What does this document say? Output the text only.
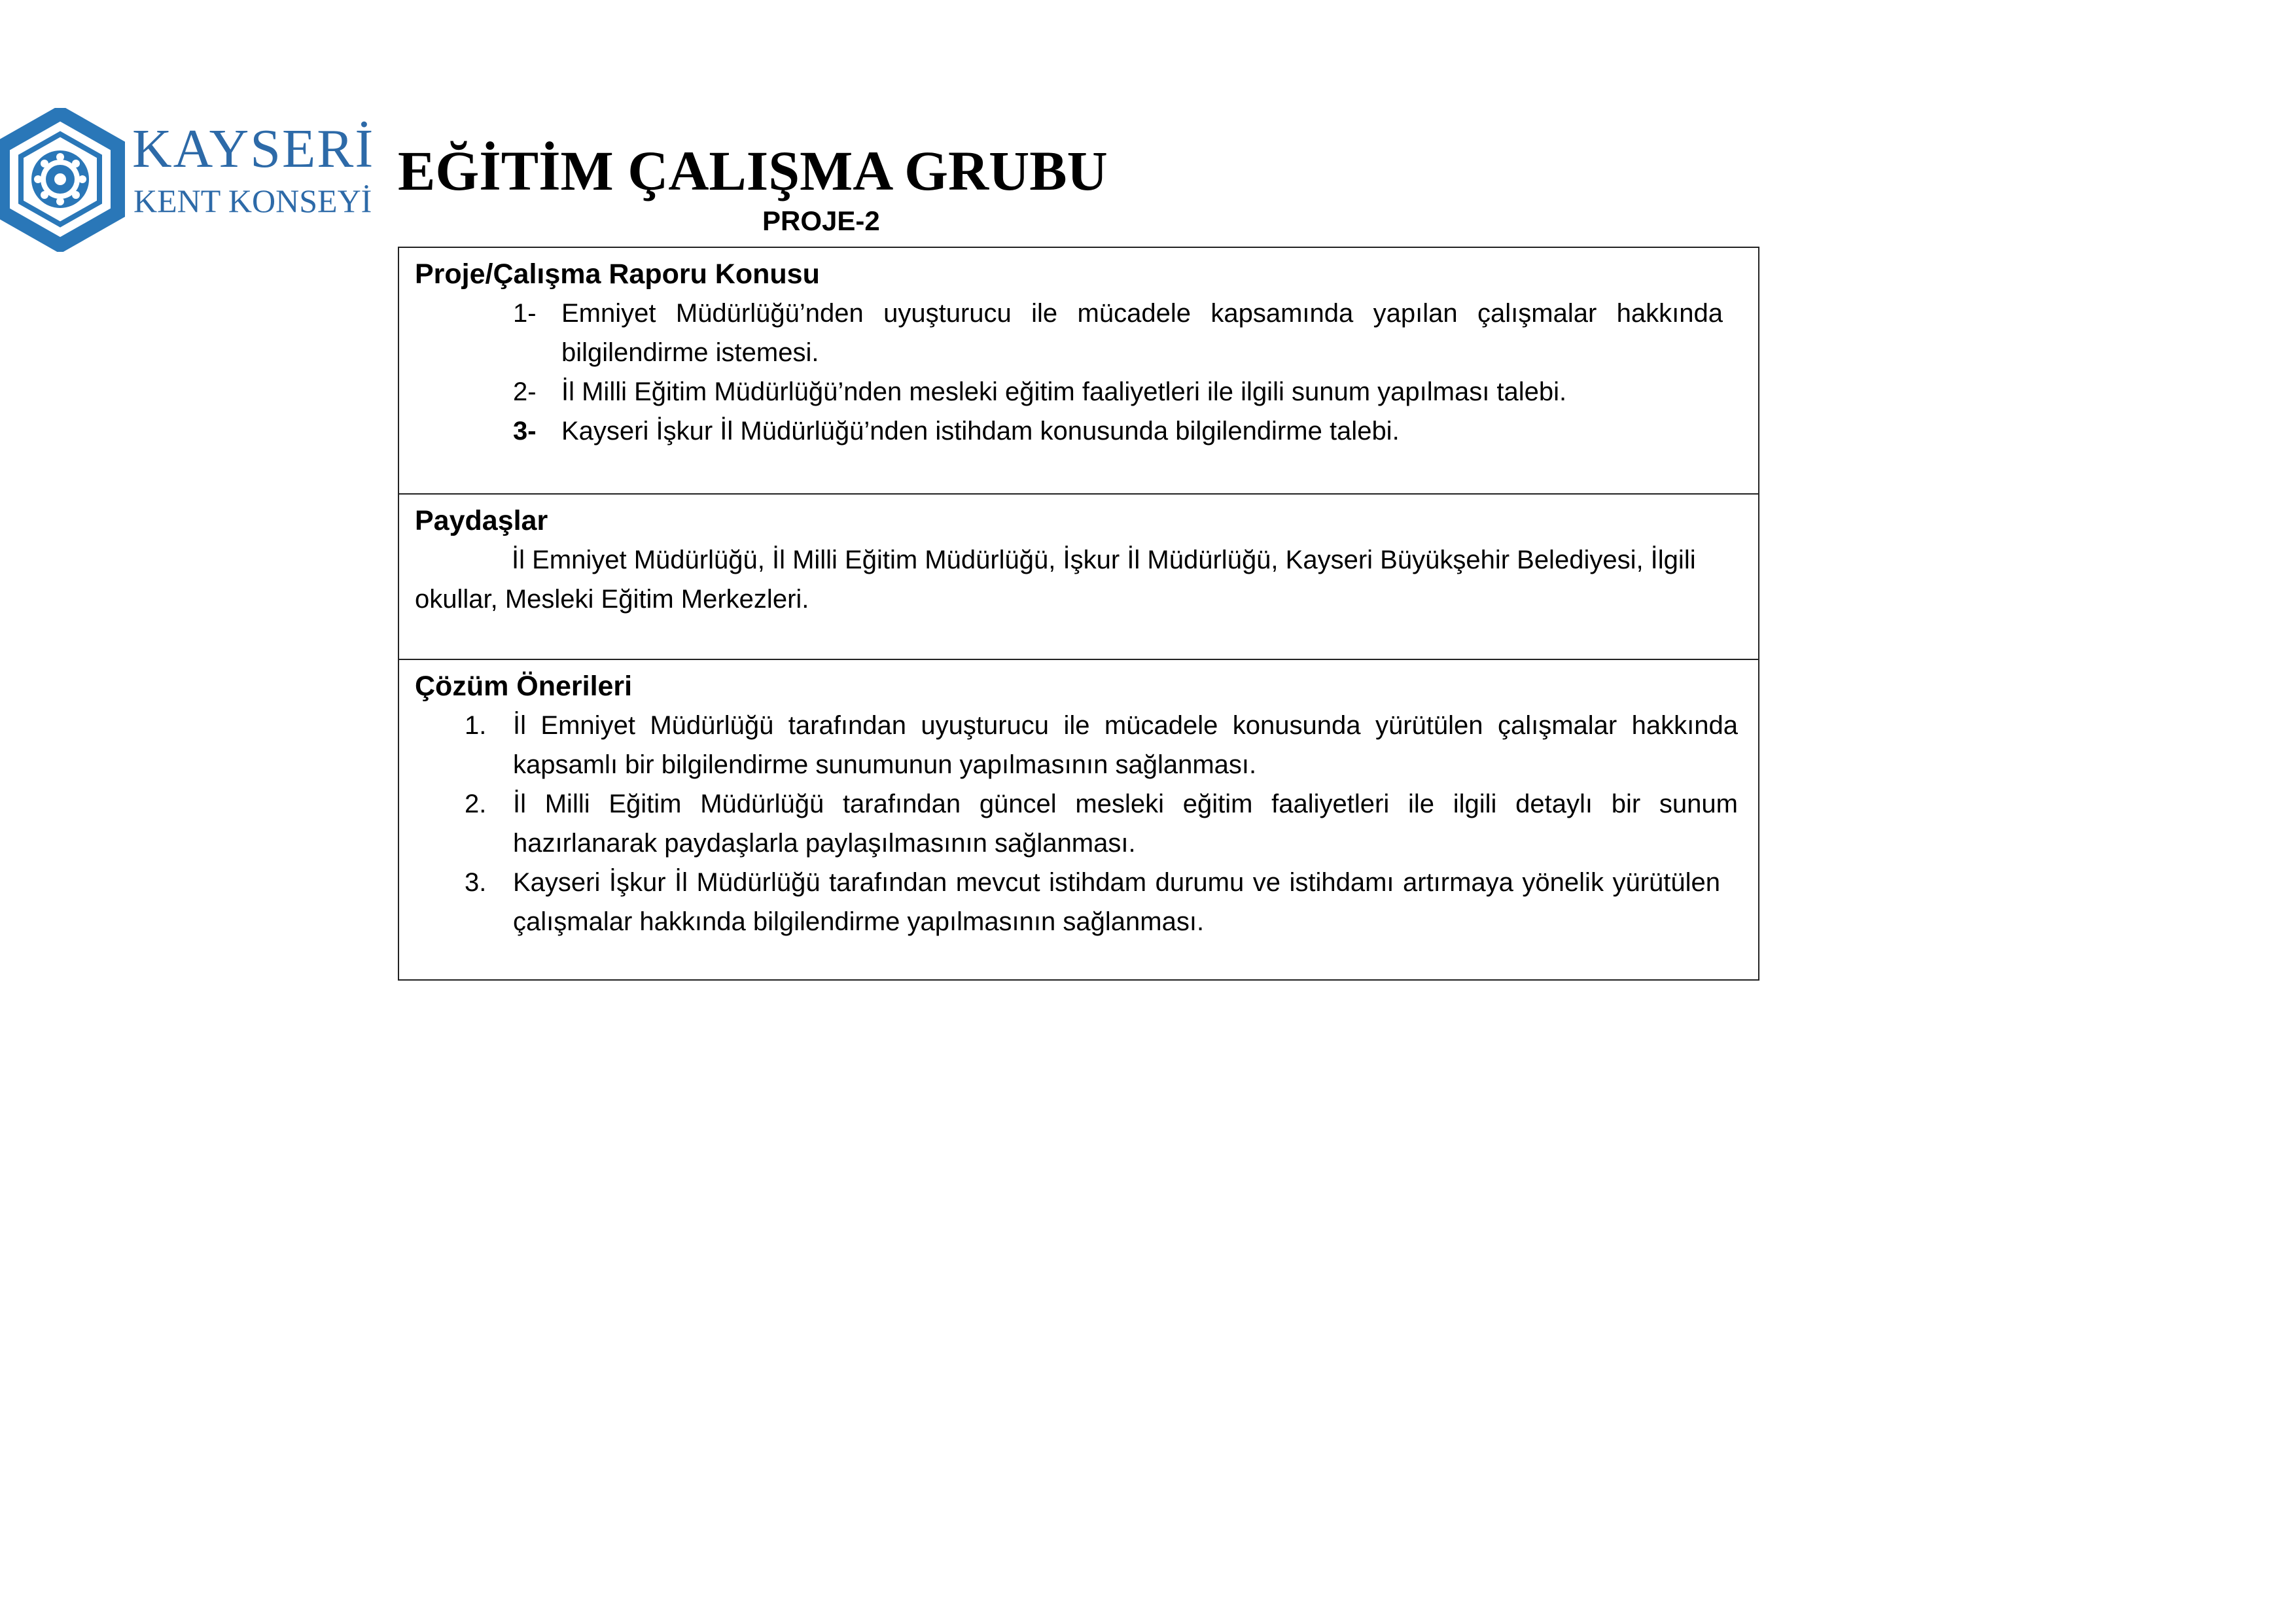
KAYSERİ
KENT KONSEYİ EĞİTİM ÇALIŞMA GRUBU
PROJE-2

Proje/Çalışma Raporu Konusu

1- Emniyet Müdürlüğü’nden uyuşturucu ile mücadele kapsamında yapılan çalışmalar hakkında bilgilendirme istemesi.
2- İl Milli Eğitim Müdürlüğü’nden mesleki eğitim faaliyetleri ile ilgili sunum yapılması talebi.
3- Kayseri İşkur İl Müdürlüğü’nden istihdam konusunda bilgilendirme talebi.

Paydaşlar

İl Emniyet Müdürlüğü, İl Milli Eğitim Müdürlüğü, İşkur İl Müdürlüğü, Kayseri Büyükşehir Belediyesi, İlgili okullar, Mesleki Eğitim Merkezleri.

Çözüm Önerileri

1.	İl Emniyet Müdürlüğü tarafından uyuşturucu ile mücadele konusunda yürütülen çalışmalar hakkında kapsamlı bir bilgilendirme sunumunun yapılmasının sağlanması.
2.	İl Milli Eğitim Müdürlüğü tarafından güncel mesleki eğitim faaliyetleri ile ilgili detaylı bir sunum hazırlanarak paydaşlarla paylaşılmasının sağlanması.
3.	Kayseri İşkur İl Müdürlüğü tarafından mevcut istihdam durumu ve istihdamı artırmaya yönelik yürütülen çalışmalar hakkında bilgilendirme yapılmasının sağlanması.
